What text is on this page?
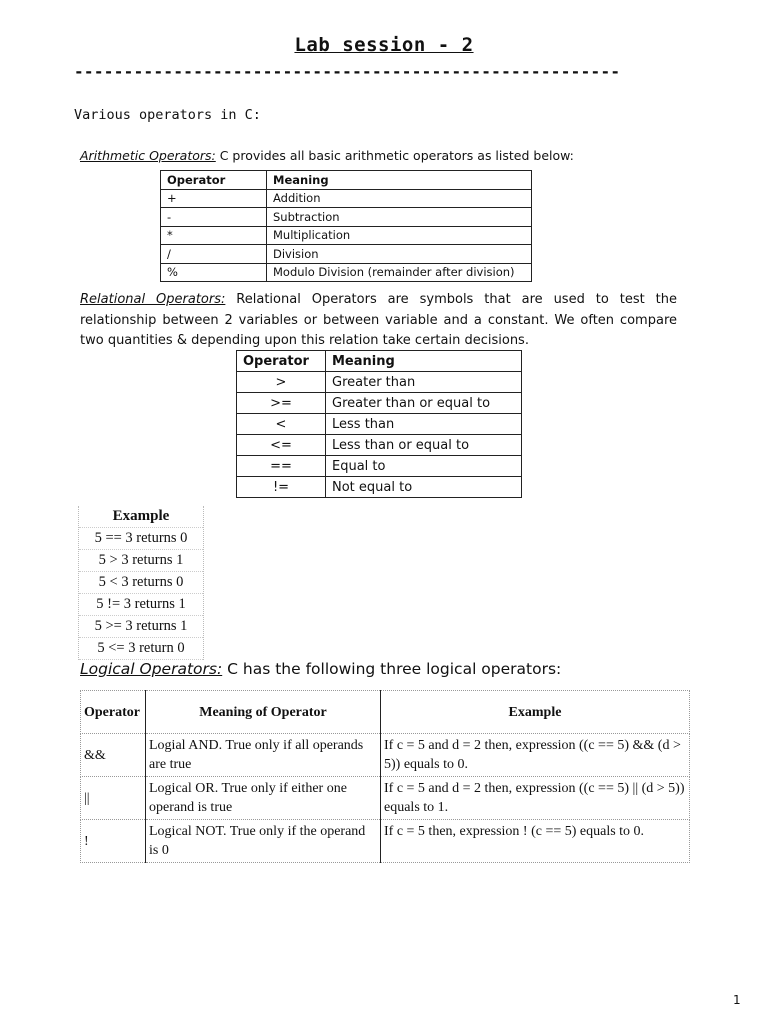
Lab session - 2
-------------------------------------------------------
Various operators in C:
Arithmetic Operators: C provides all basic arithmetic operators as listed below:
Operator	Meaning
+	Addition
-	Subtraction
*	Multiplication
/	Division
%	Modulo Division (remainder after division)
Relational Operators: Relational Operators are symbols that are used to test the relationship between 2 variables or between variable and a constant. We often compare two quantities & depending upon this relation take certain decisions.
Operator	Meaning
>	Greater than
>=	Greater than or equal to
<	Less than
<=	Less than or equal to
==	Equal to
!=	Not equal to
Example
5 == 3 returns 0
5 > 3 returns 1
5 < 3 returns 0
5 != 3 returns 1
5 >= 3 returns 1
5 <= 3 return 0
Logical Operators: C has the following three logical operators:
Operator	Meaning of Operator	Example
&&	Logial AND. True only if all operands are true	If c = 5 and d = 2 then, expression ((c == 5) && (d > 5)) equals to 0.
||	Logical OR. True only if either one operand is true	If c = 5 and d = 2 then, expression ((c == 5) || (d > 5)) equals to 1.
!	Logical NOT. True only if the operand is 0	If c = 5 then, expression ! (c == 5) equals to 0.
1
